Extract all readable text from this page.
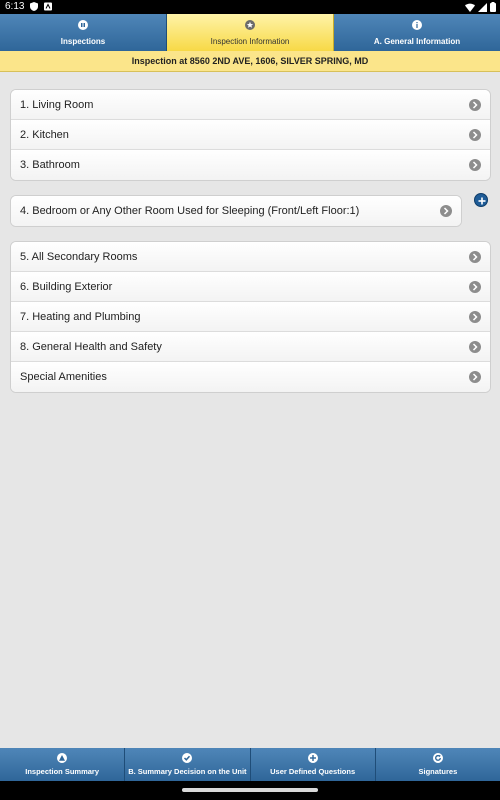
6:13
Inspections	Inspection Information	A. General Information
Inspection at 8560 2ND AVE, 1606, SILVER SPRING, MD
1. Living Room
2. Kitchen
3. Bathroom
4. Bedroom or Any Other Room Used for Sleeping (Front/Left Floor:1)
5. All Secondary Rooms
6. Building Exterior
7. Heating and Plumbing
8. General Health and Safety
Special Amenities
Inspection Summary	B. Summary Decision on the Unit	User Defined Questions	Signatures
